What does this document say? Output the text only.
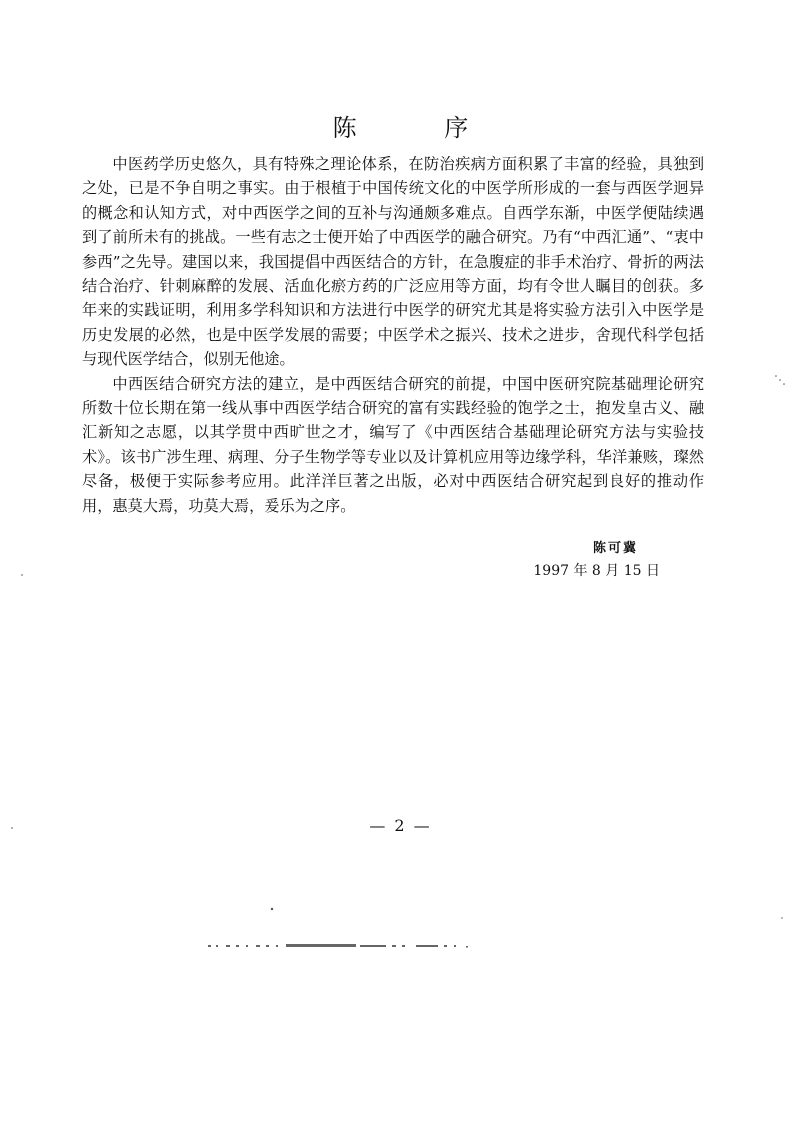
陈 序

中医药学历史悠久，具有特殊之理论体系，在防治疾病方面积累了丰富的经验，具独到之处，已是不争自明之事实。由于根植于中国传统文化的中医学所形成的一套与西医学迥异的概念和认知方式，对中西医学之间的互补与沟通颇多难点。自西学东渐，中医学便陆续遇到了前所未有的挑战。一些有志之士便开始了中西医学的融合研究。乃有“中西汇通”、“衷中参西”之先导。建国以来，我国提倡中西医结合的方针，在急腹症的非手术治疗、骨折的两法结合治疗、针刺麻醉的发展、活血化瘀方药的广泛应用等方面，均有令世人瞩目的创获。多年来的实践证明，利用多学科知识和方法进行中医学的研究尤其是将实验方法引入中医学是历史发展的必然，也是中医学发展的需要；中医学术之振兴、技术之进步，舍现代科学包括与现代医学结合，似别无他途。

中西医结合研究方法的建立，是中西医结合研究的前提，中国中医研究院基础理论研究所数十位长期在第一线从事中西医学结合研究的富有实践经验的饱学之士，抱发皇古义、融汇新知之志愿，以其学贯中西旷世之才，编写了《中西医结合基础理论研究方法与实验技术》。该书广涉生理、病理、分子生物学等专业以及计算机应用等边缘学科，华洋兼赅，璨然尽备，极便于实际参考应用。此洋洋巨著之出版，必对中西医结合研究起到良好的推动作用，惠莫大焉，功莫大焉，爰乐为之序。

陈可冀
1997 年 8 月 15 日
— 2 —
